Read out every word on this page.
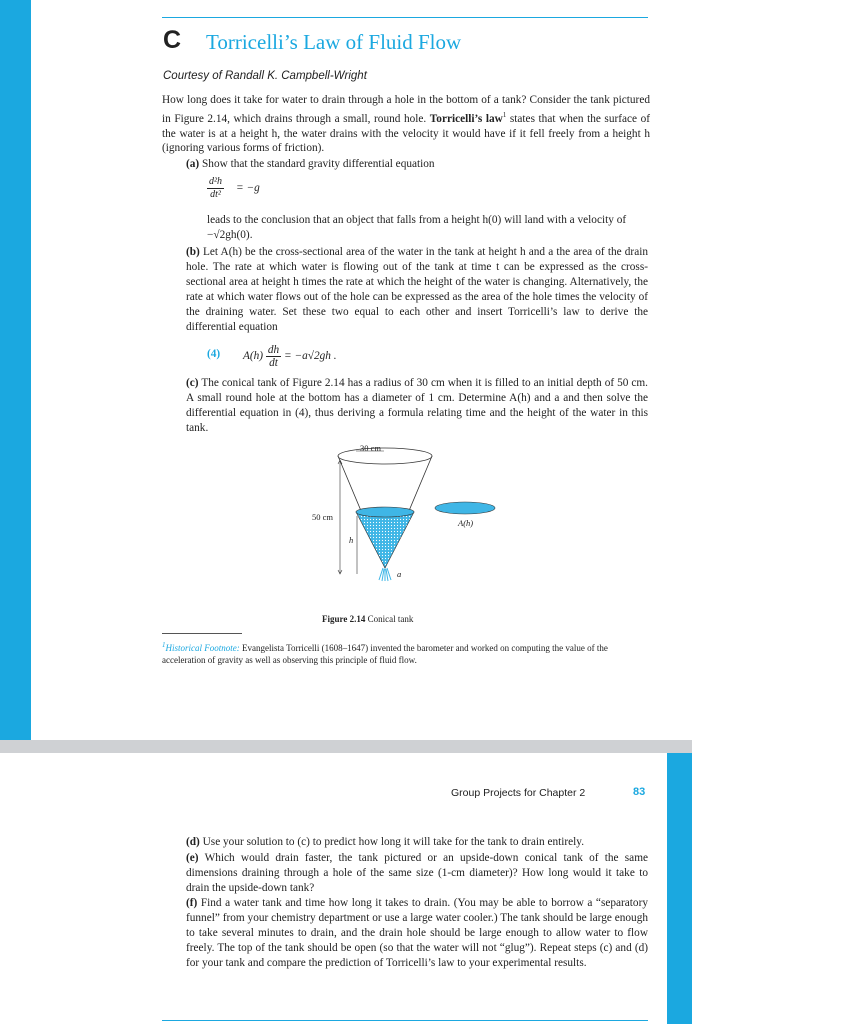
C Torricelli’s Law of Fluid Flow
Courtesy of Randall K. Campbell-Wright
How long does it take for water to drain through a hole in the bottom of a tank? Consider the tank pictured in Figure 2.14, which drains through a small, round hole. Torricelli’s law$^1$ states that when the surface of the water is at a height h, the water drains with the velocity it would have if it fell freely from a height h (ignoring various forms of friction).
(a) Show that the standard gravity differential equation
$\frac{\text{d²h}}{\text{dt²}} = -g$
leads to the conclusion that an object that falls from a height h(0) will land with a velocity of −√2gh(0).
(b) Let A(h) be the cross-sectional area of the water in the tank at height h and a the area of the drain hole. The rate at which water is flowing out of the tank at time t can be expressed as the cross-sectional area at height h times the rate at which the height of the water is changing. Alternatively, the rate at which water flows out of the hole can be expressed as the area of the hole times the velocity of the draining water. Set these two equal to each other and insert Torricelli’s law to derive the differential equation
(4) $A(h) \frac{dh}{dt} = -a√2gh$ .
(c) The conical tank of Figure 2.14 has a radius of 30 cm when it is filled to an initial depth of 50 cm. A small round hole at the bottom has a diameter of 1 cm. Determine A(h) and a and then solve the differential equation in (4), thus deriving a formula relating time and the height of the water in this tank.
30 cm
50 cm
h
a
A(h)
Figure 2.14 Conical tank
$^1$Historical Footnote: Evangelista Torricelli (1608–1647) invented the barometer and worked on computing the value of the acceleration of gravity as well as observing this principle of fluid flow.
Group Projects for Chapter 2	83
(d) Use your solution to (c) to predict how long it will take for the tank to drain entirely.
(e) Which would drain faster, the tank pictured or an upside-down conical tank of the same dimensions draining through a hole of the same size (1-cm diameter)? How long would it take to drain the upside-down tank?
(f) Find a water tank and time how long it takes to drain. (You may be able to borrow a “separatory funnel” from your chemistry department or use a large water cooler.) The tank should be large enough to take several minutes to drain, and the drain hole should be large enough to allow water to flow freely. The top of the tank should be open (so that the water will not “glug”). Repeat steps (c) and (d) for your tank and compare the prediction of Torricelli’s law to your experimental results.
